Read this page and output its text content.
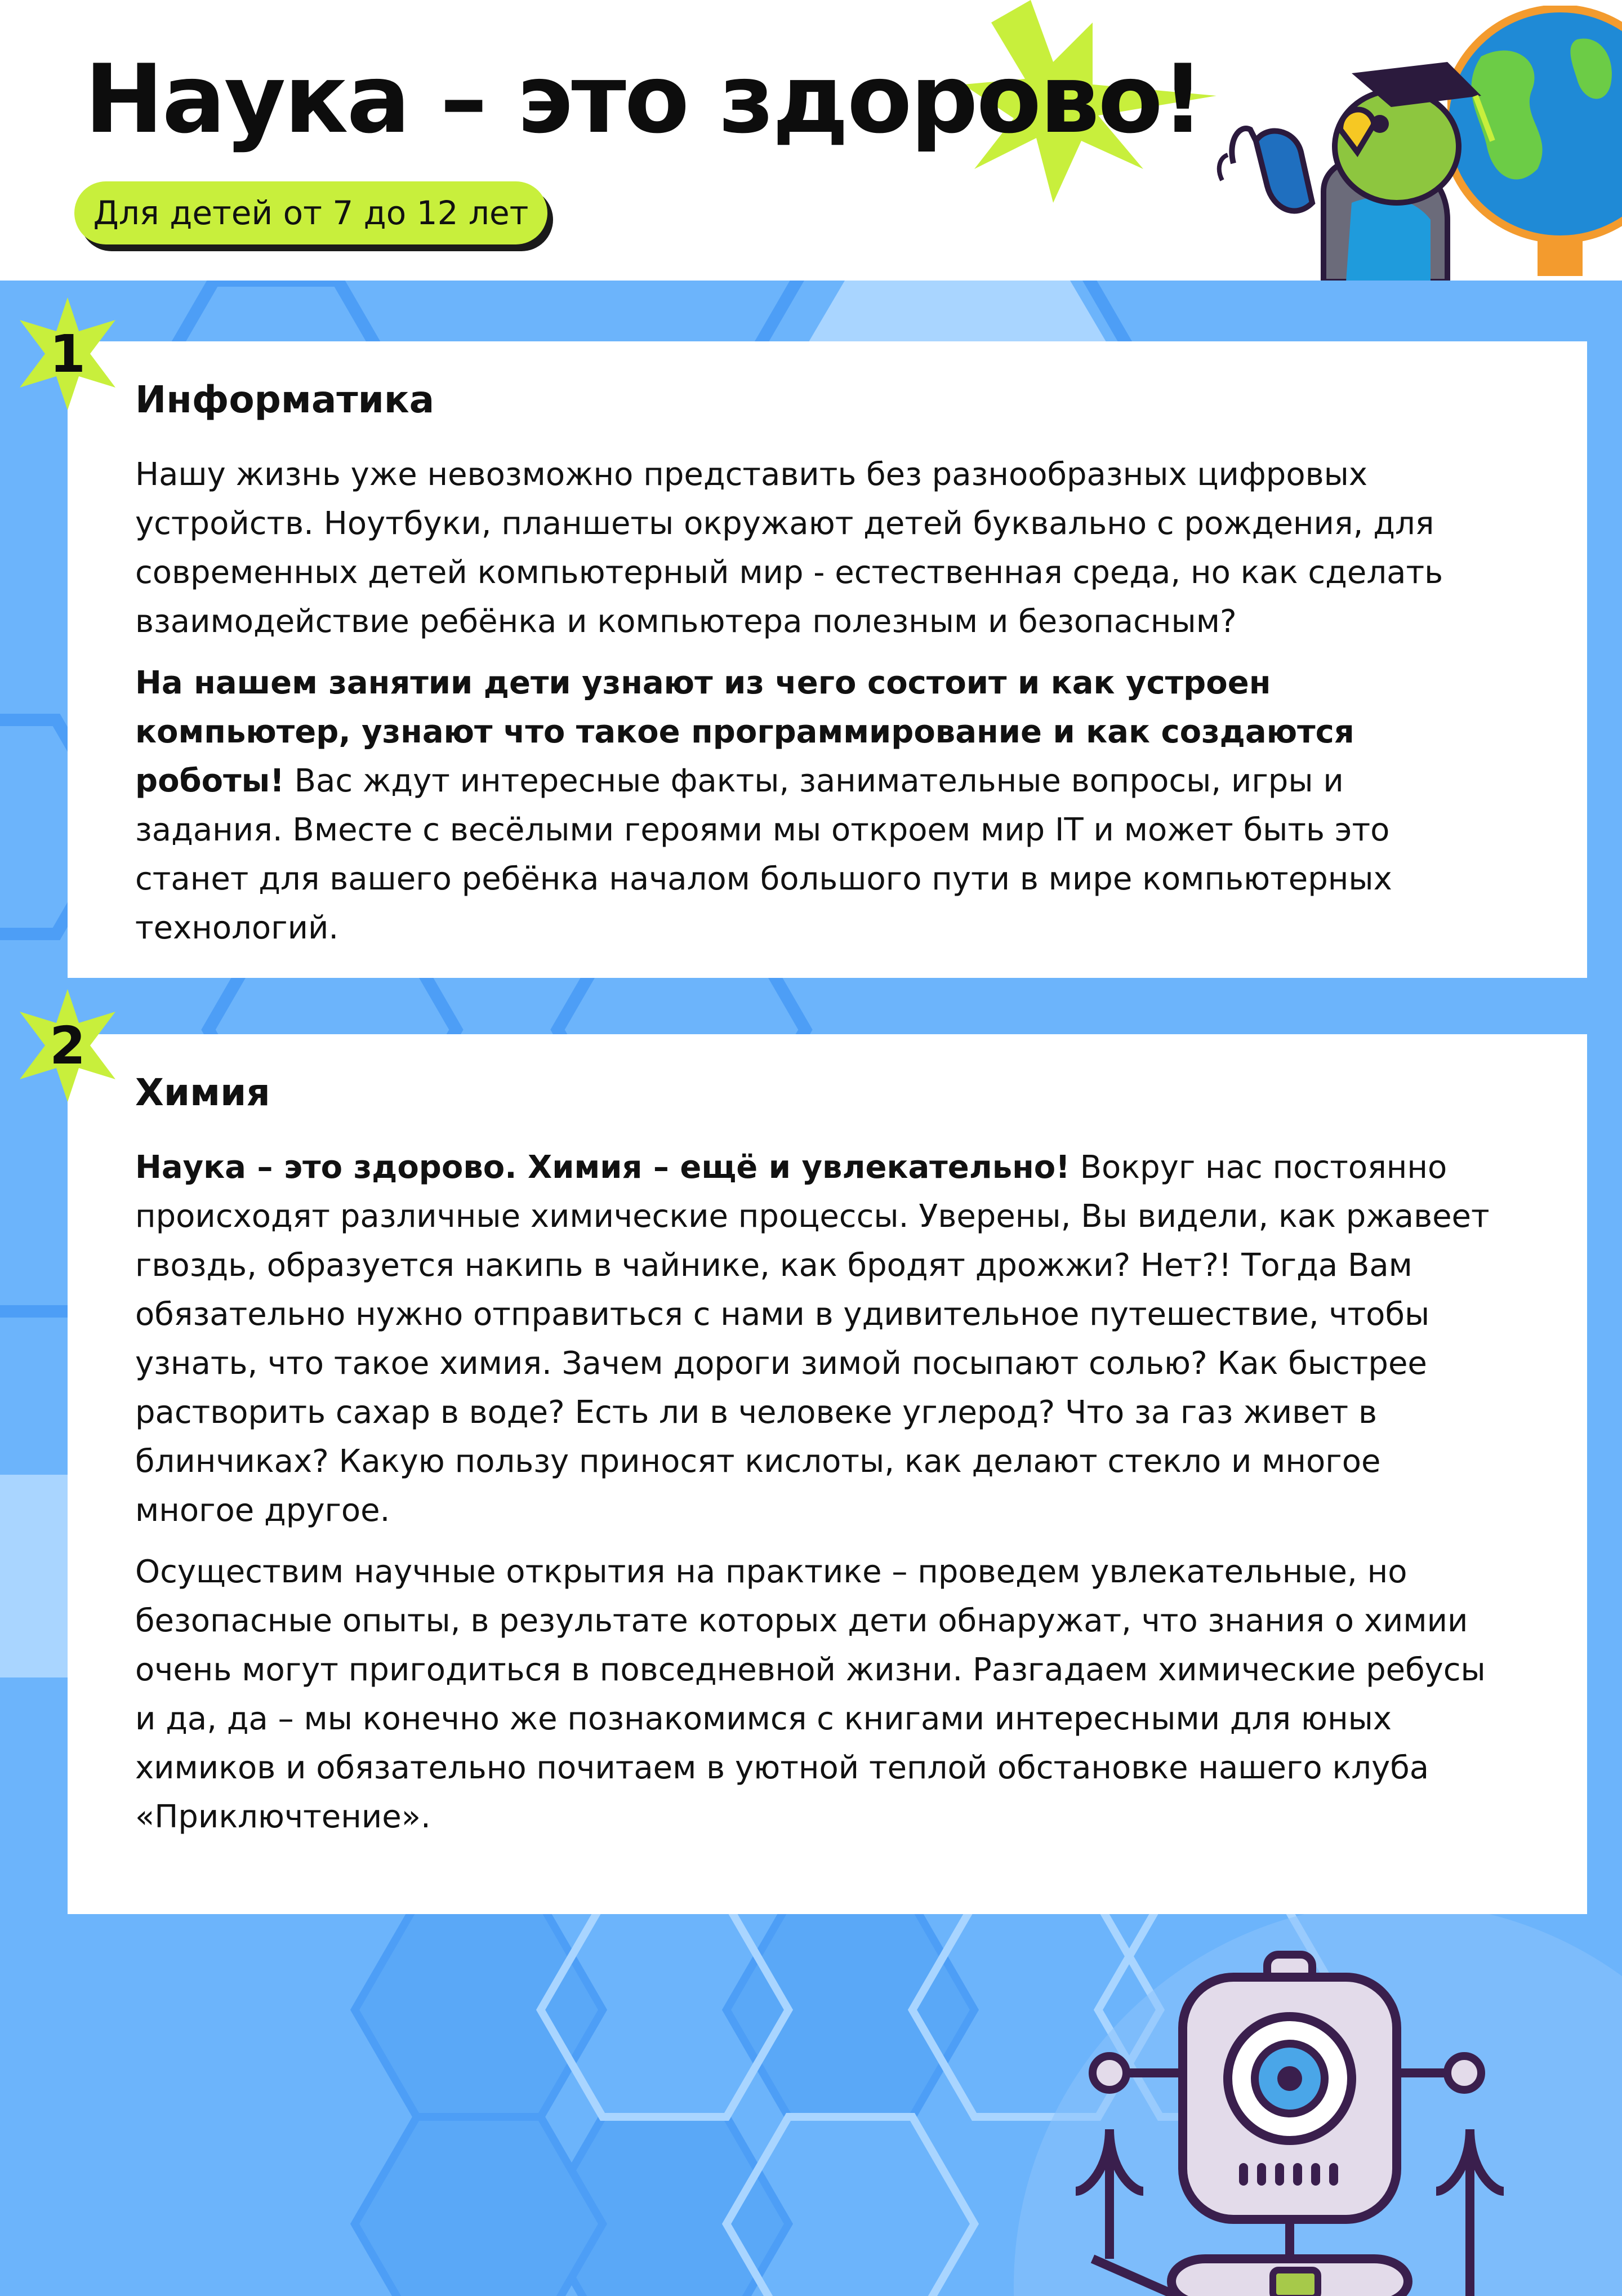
Наука – это здорово!
Для детей от 7 до 12 лет
1
Информатика

Нашу жизнь уже невозможно представить без разнообразных цифровых устройств. Ноутбуки, планшеты окружают детей буквально с рождения, для современных детей компьютерный мир - естественная среда, но как сделать взаимодействие ребёнка и компьютера полезным и безопасным?

На нашем занятии дети узнают из чего состоит и как устроен компьютер, узнают что такое программирование и как создаются роботы! Вас ждут интересные факты, занимательные вопросы, игры и задания. Вместе с весёлыми героями мы откроем мир IT и может быть это станет для вашего ребёнка началом большого пути в мире компьютерных технологий.

2
Химия

Наука – это здорово. Химия – ещё и увлекательно! Вокруг нас постоянно происходят различные химические процессы. Уверены, Вы видели, как ржавеет гвоздь, образуется накипь в чайнике, как бродят дрожжи? Нет?! Тогда Вам обязательно нужно отправиться с нами в удивительное путешествие, чтобы узнать, что такое химия. Зачем дороги зимой посыпают солью? Как быстрее растворить сахар в воде? Есть ли в человеке углерод? Что за газ живет в блинчиках? Какую пользу приносят кислоты, как делают стекло и многое многое другое.

Осуществим научные открытия на практике – проведем увлекательные, но безопасные опыты, в результате которых дети обнаружат, что знания о химии очень могут пригодиться в повседневной жизни. Разгадаем химические ребусы и да, да – мы конечно же познакомимся с книгами интересными для юных химиков и обязательно почитаем в уютной теплой обстановке нашего клуба «Приключтение».
